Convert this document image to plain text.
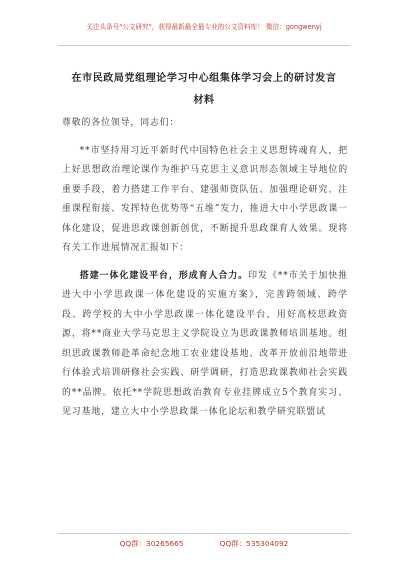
关注头条号"公文研究"，获得最新最全最专业的公文资料库！ 微信：gongwenyj
在市民政局党组理论学习中心组集体学习会上的研讨发言
材料

尊敬的各位领导，同志们：

**市坚持用习近平新时代中国特色社会主义思想铸魂育人，把上好思想政治理论课作为维护马克思主义意识形态领域主导地位的重要手段，着力搭建工作平台、建强师资队伍、加强理论研究、注重课程衔接、发挥特色优势等“五维”发力，推进大中小学思政课一体化建设，促进思政课创新创优，不断提升思政课育人效果。现将有关工作进展情况汇报如下：

搭建一体化建设平台，形成育人合力。印发《**市关于加快推进大中小学思政课一体化建设的实施方案》，完善跨领域、跨学段、跨学校的大中小学思政课一体化建设平台，用好高校思政资源，将**商业大学马克思主义学院设立为思政课教师培训基地。组织思政课教师赴革命纪念地工农业建设基地、改革开放前沿地带进行体验式培训研修社会实践、研学调研，打造思政课教师社会实践的**品牌。依托**学院思想政治教育专业挂牌成立5个教育实习、见习基地，建立大中小学思政课一体化论坛和教学研究联盟试

QQ群：30265665	QQ群：535304092
